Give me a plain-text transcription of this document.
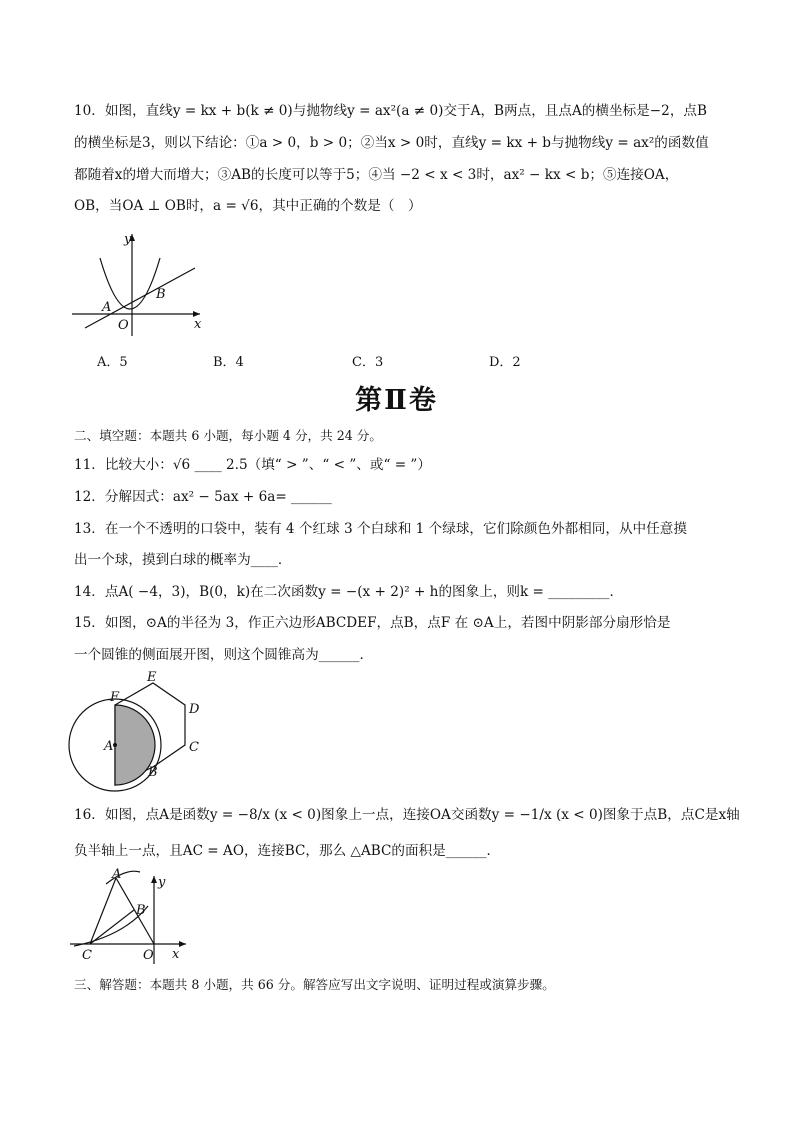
10．如图，直线y = kx + b(k ≠ 0)与抛物线y = ax²(a ≠ 0)交于A，B两点，且点A的横坐标是−2，点B
的横坐标是3，则以下结论：①a > 0，b > 0；②当x > 0时，直线y = kx + b与抛物线y = ax²的函数值
都随着x的增大而增大；③AB的长度可以等于5；④当 −2 < x < 3时，ax² − kx < b；⑤连接OA，
OB，当OA ⊥ OB时，a = √6，其中正确的个数是（　）
y
x
A
B
O
A．5	B．4	C．3	D．2
第Ⅱ卷
二、填空题：本题共 6 小题，每小题 4 分，共 24 分。
11．比较大小：√6 ____ 2.5（填“ > ”、“ < ”、或“ = ”）
12．分解因式：ax² − 5ax + 6a= ______
13．在一个不透明的口袋中，装有 4 个红球 3 个白球和 1 个绿球，它们除颜色外都相同，从中任意摸
出一个球，摸到白球的概率为____．
14．点A( −4，3)，B(0，k)在二次函数y = −(x + 2)² + h的图象上，则k = _________．
15．如图，⊙A的半径为 3，作正六边形ABCDEF，点B，点F 在 ⊙A上，若图中阴影部分扇形恰是
一个圆锥的侧面展开图，则这个圆锥高为______．
A
B
C
D
E
F
16．如图，点A是函数y = −8/x (x < 0)图象上一点，连接OA交函数y = −1/x (x < 0)图象于点B，点C是x轴
负半轴上一点，且AC = AO，连接BC，那么 △ABC的面积是______．
A
B
C	O x
y
三、解答题：本题共 8 小题，共 66 分。解答应写出文字说明、证明过程或演算步骤。
